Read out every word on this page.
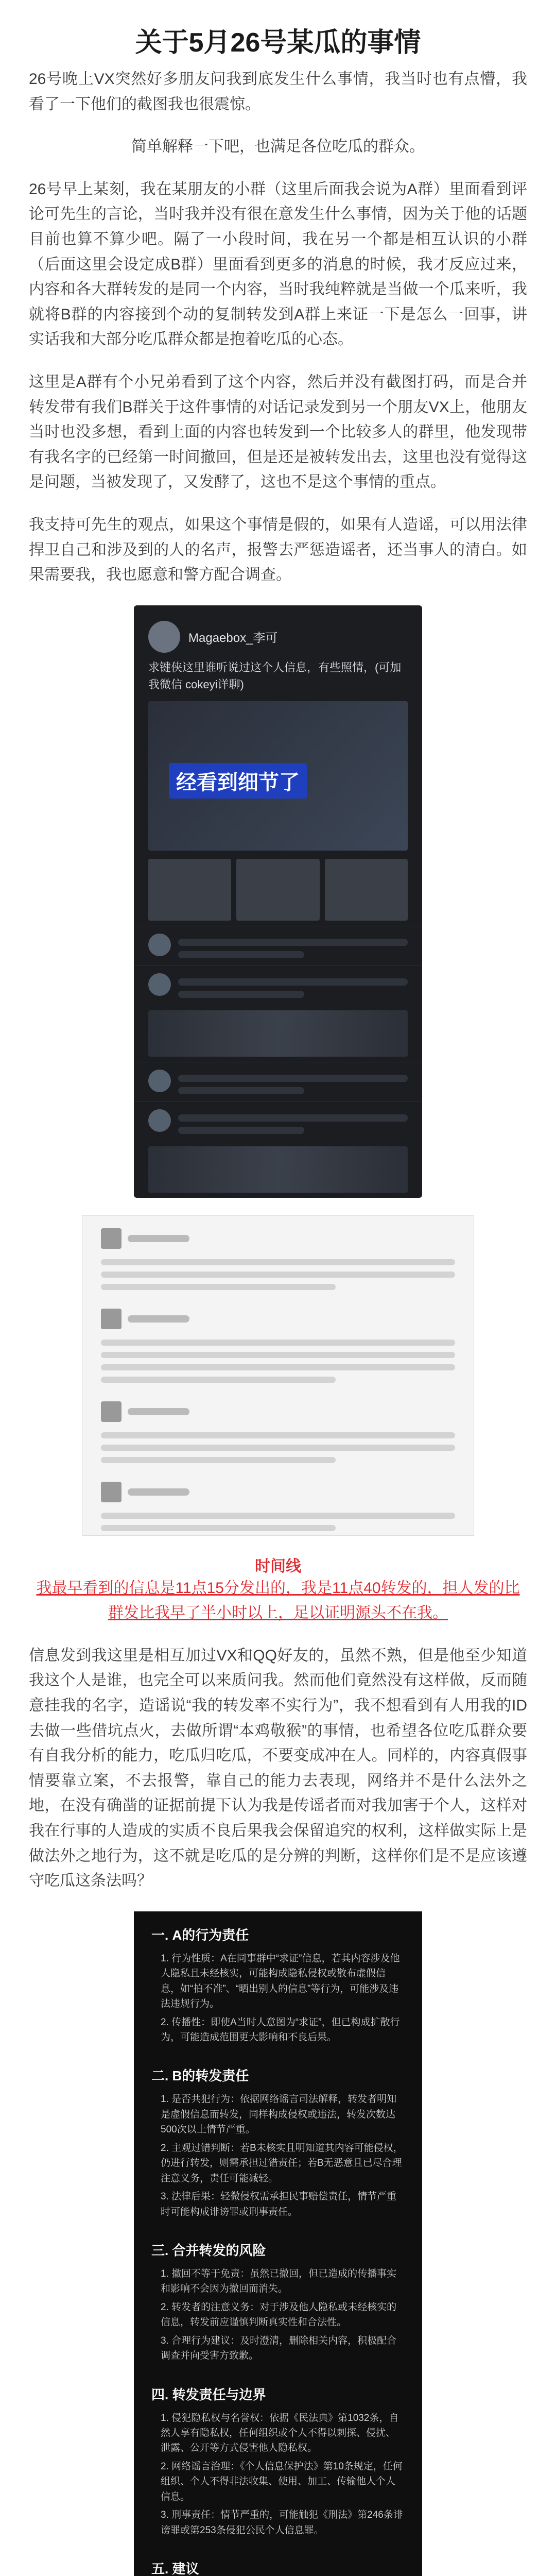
关于5月26号某瓜的事情

26号晚上VX突然好多朋友问我到底发生什么事情，我当时也有点懵，我看了一下他们的截图我也很震惊。

简单解释一下吧，也满足各位吃瓜的群众。

26号早上某刻，我在某朋友的小群（这里后面我会说为A群）里面看到评论可先生的言论，当时我并没有很在意发生什么事情，因为关于他的话题目前也算不算少吧。隔了一小段时间，我在另一个都是相互认识的小群（后面这里会设定成B群）里面看到更多的消息的时候，我才反应过来，内容和各大群转发的是同一个内容，当时我纯粹就是当做一个瓜来听，我就将B群的内容接到个动的复制转发到A群上来证一下是怎么一回事，讲实话我和大部分吃瓜群众都是抱着吃瓜的心态。

这里是A群有个小兄弟看到了这个内容，然后并没有截图打码，而是合并转发带有我们B群关于这件事情的对话记录发到另一个朋友VX上，他朋友当时也没多想，看到上面的内容也转发到一个比较多人的群里，他发现带有我名字的已经第一时间撤回，但是还是被转发出去，这里也没有觉得这是问题，当被发现了，又发酵了，这也不是这个事情的重点。

我支持可先生的观点，如果这个事情是假的，如果有人造谣，可以用法律捍卫自己和涉及到的人的名声，报警去严惩造谣者，还当事人的清白。如果需要我，我也愿意和警方配合调查。

Magaebox_李可
求键侠这里谁听说过这个人信息，有些照情，(可加我微信 cokeyi详聊)
经看到细节了

时间线

我最早看到的信息是11点15分发出的，我是11点40转发的，担人发的比群发比我早了半小时以上，足以证明源头不在我。

信息发到我这里是相互加过VX和QQ好友的，虽然不熟，但是他至少知道我这个人是谁，也完全可以来质问我。然而他们竟然没有这样做，反而随意挂我的名字，造谣说“我的转发率不实行为”，我不想看到有人用我的ID去做一些借坑点火，去做所谓“本鸡敬猴”的事情，也希望各位吃瓜群众要有自我分析的能力，吃瓜归吃瓜，不要变成冲在人。同样的，内容真假事情要靠立案，不去报警，靠自己的能力去表现，网络并不是什么法外之地，在没有确凿的证据前提下认为我是传谣者而对我加害于个人，这样对我在行事的人造成的实质不良后果我会保留追究的权利，这样做实际上是做法外之地行为，这不就是吃瓜的是分辨的判断，这样你们是不是应该遵守吃瓜这条法吗？

一. A的行为责任
1. 行为性质：A在同事群中“求证”信息，若其内容涉及他人隐私且未经核实，可能构成隐私侵权或散布虚假信息，如“拍不准”、“晒出别人的信息”等行为，可能涉及违法违规行为。
2. 传播性：即使A当时人意图为“求证”，但已构成扩散行为，可能造成范围更大影响和不良后果。
二. B的转发责任
1. 是否共犯行为：依据网络谣言司法解释，转发者明知是虚假信息而转发，同样构成侵权或违法，转发次数达500次以上情节严重。
2. 主观过错判断：若B未核实且明知道其内容可能侵权，仍进行转发，则需承担过错责任；若B无恶意且已尽合理注意义务，责任可能减轻。
3. 法律后果：轻微侵权需承担民事赔偿责任，情节严重时可能构成诽谤罪或刑事责任。
三. 合并转发的风险
1. 撤回不等于免责：虽然已撤回，但已造成的传播事实和影响不会因为撤回而消失。
2. 转发者的注意义务：对于涉及他人隐私或未经核实的信息，转发前应谨慎判断真实性和合法性。
3. 合理行为建议：及时澄清，删除相关内容，积极配合调查并向受害方致歉。
四. 转发责任与边界
1. 侵犯隐私权与名誉权：依据《民法典》第1032条，自然人享有隐私权，任何组织或个人不得以刺探、侵扰、泄露、公开等方式侵害他人隐私权。
2. 网络谣言治理：《个人信息保护法》第10条规定，任何组织、个人不得非法收集、使用、加工、传输他人个人信息。
3. 刑事责任：情节严重的，可能触犯《刑法》第246条诽谤罪或第253条侵犯公民个人信息罪。
五. 建议
